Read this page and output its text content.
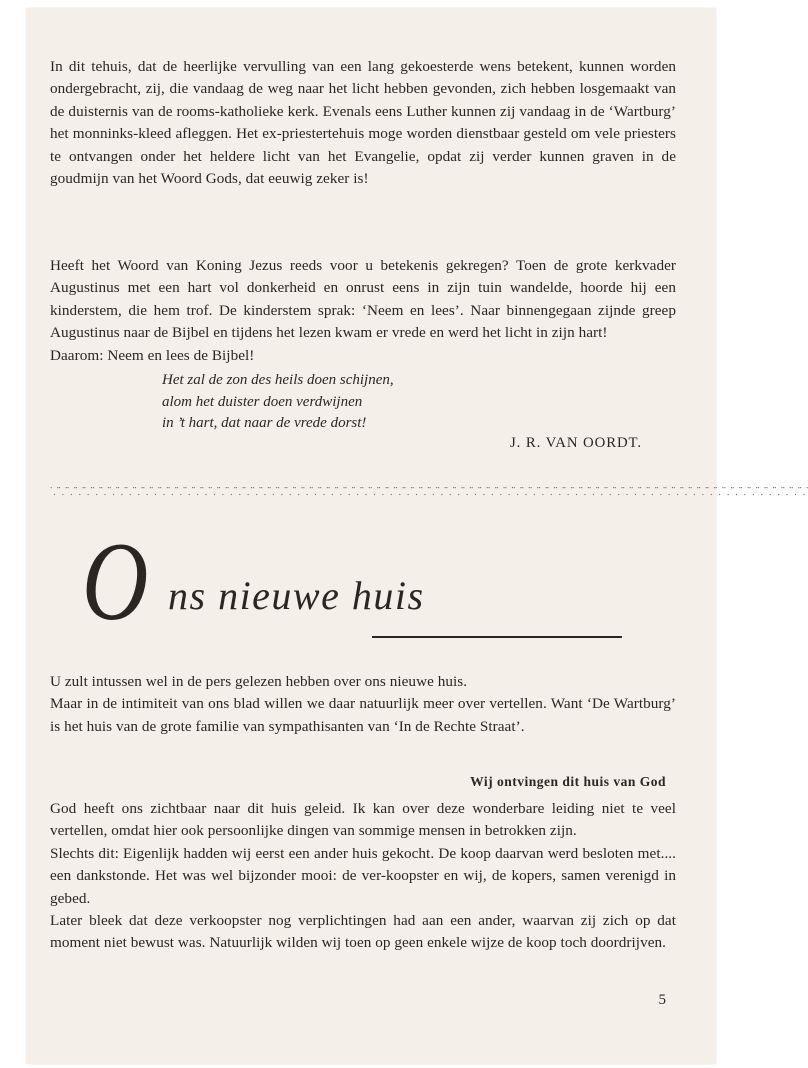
In dit tehuis, dat de heerlijke vervulling van een lang gekoesterde wens betekent, kunnen worden ondergebracht, zij, die vandaag de weg naar het licht hebben gevonden, zich hebben losgemaakt van de duisternis van de rooms-katholieke kerk. Evenals eens Luther kunnen zij vandaag in de ‘Wartburg’ het monninks-kleed afleggen. Het ex-priestertehuis moge worden dienstbaar gesteld om vele priesters te ontvangen onder het heldere licht van het Evangelie, opdat zij verder kunnen graven in de goudmijn van het Woord Gods, dat eeuwig zeker is!

Heeft het Woord van Koning Jezus reeds voor u betekenis gekregen? Toen de grote kerkvader Augustinus met een hart vol donkerheid en onrust eens in zijn tuin wandelde, hoorde hij een kinderstem, die hem trof. De kinderstem sprak: ‘Neem en lees’. Naar binnengegaan zijnde greep Augustinus naar de Bijbel en tijdens het lezen kwam er vrede en werd het licht in zijn hart!

Daarom: Neem en lees de Bijbel!

Het zal de zon des heils doen schijnen,
alom het duister doen verdwijnen
in ’t hart, dat naar de vrede dorst!
J. R. VAN OORDT.
⸪⸪⸪⸪⸪⸪⸪⸪⸪⸪⸪⸪⸪⸪⸪⸪⸪⸪⸪⸪⸪⸪⸪⸪⸪⸪⸪⸪⸪⸪⸪⸪⸪⸪⸪⸪⸪⸪⸪⸪⸪⸪⸪⸪⸪⸪⸪⸪⸪⸪⸪⸪⸪⸪⸪⸪⸪⸪⸪⸪⸪⸪⸪⸪⸪⸪⸪⸪⸪⸪⸪⸪⸪⸪⸪⸪⸪⸪⸪⸪⸪⸪⸪⸪⸪⸪⸪⸪⸪⸪
O ns nieuwe huis

U zult intussen wel in de pers gelezen hebben over ons nieuwe huis.

Maar in de intimiteit van ons blad willen we daar natuurlijk meer over vertellen. Want ‘De Wartburg’ is het huis van de grote familie van sympathisanten van ‘In de Rechte Straat’.

Wij ontvingen dit huis van God

God heeft ons zichtbaar naar dit huis geleid. Ik kan over deze wonderbare leiding niet te veel vertellen, omdat hier ook persoonlijke dingen van sommige mensen in betrokken zijn.

Slechts dit: Eigenlijk hadden wij eerst een ander huis gekocht. De koop daarvan werd besloten met.... een dankstonde. Het was wel bijzonder mooi: de ver-koopster en wij, de kopers, samen verenigd in gebed.

Later bleek dat deze verkoopster nog verplichtingen had aan een ander, waarvan zij zich op dat moment niet bewust was. Natuurlijk wilden wij toen op geen enkele wijze de koop toch doordrijven.

5
